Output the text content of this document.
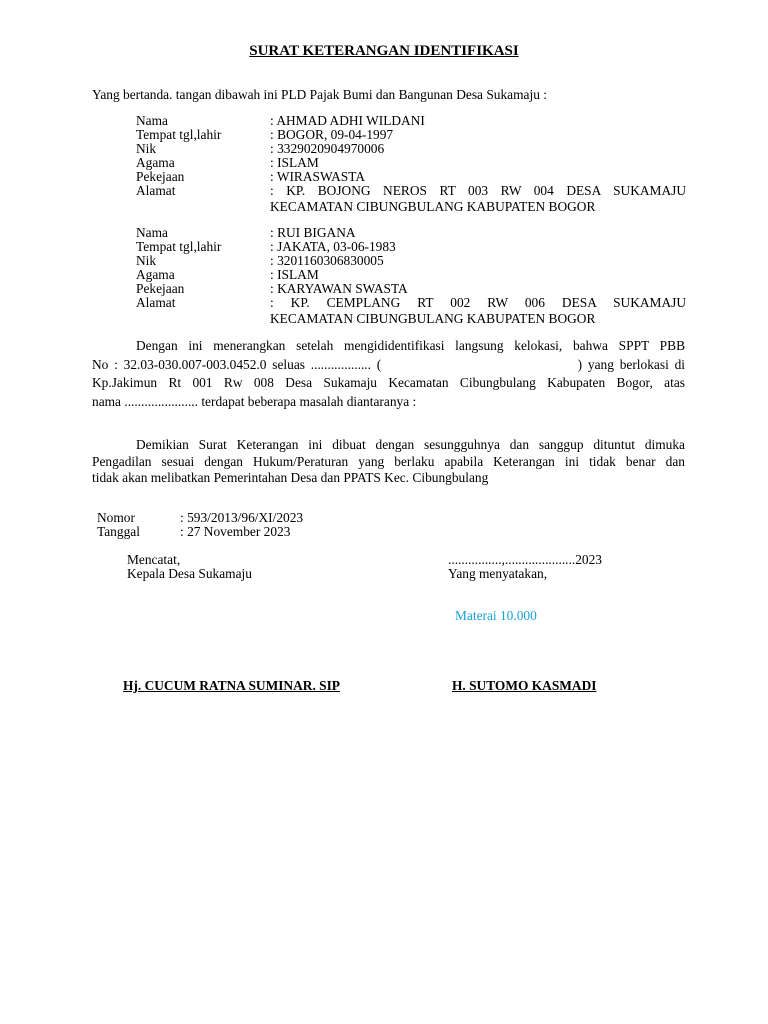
SURAT KETERANGAN IDENTIFIKASI
Yang bertanda. tangan dibawah ini PLD Pajak Bumi dan Bangunan Desa Sukamaju :
Nama	: AHMAD ADHI WILDANI
Tempat tgl,lahir	: BOGOR, 09-04-1997
Nik	: 3329020904970006
Agama	: ISLAM
Pekejaan	: WIRASWASTA
Alamat	: KP. BOJONG NEROS RT 003 RW 004 DESA SUKAMAJU
KECAMATAN CIBUNGBULANG KABUPATEN BOGOR
Nama	: RUI BIGANA
Tempat tgl,lahir	: JAKATA, 03-06-1983
Nik	: 3201160306830005
Agama	: ISLAM
Pekejaan	: KARYAWAN SWASTA
Alamat	: KP. CEMPLANG RT 002 RW 006 DESA SUKAMAJU
KECAMATAN CIBUNGBULANG KABUPATEN BOGOR
Dengan ini menerangkan setelah mengididentifikasi langsung kelokasi, bahwa SPPT PBB
No : 32.03-030.007-003.0452.0 seluas .................. (                                  ) yang berlokasi di
Kp.Jakimun Rt 001 Rw 008 Desa Sukamaju Kecamatan Cibungbulang Kabupaten Bogor, atas
nama ...................... terdapat beberapa masalah diantaranya :
Demikian Surat Keterangan ini dibuat dengan sesungguhnya dan sanggup dituntut dimuka
Pengadilan sesuai dengan Hukum/Peraturan yang berlaku apabila Keterangan ini tidak benar dan
tidak akan melibatkan Pemerintahan Desa dan PPATS Kec. Cibungbulang
Nomor	: 593/2013/96/XI/2023
Tanggal	: 27 November 2023
Mencatat,
Kepala Desa Sukamaju
................,.....................2023
Yang menyatakan,
Materai 10.000
Hj. CUCUM RATNA SUMINAR. SIP	H. SUTOMO KASMADI
